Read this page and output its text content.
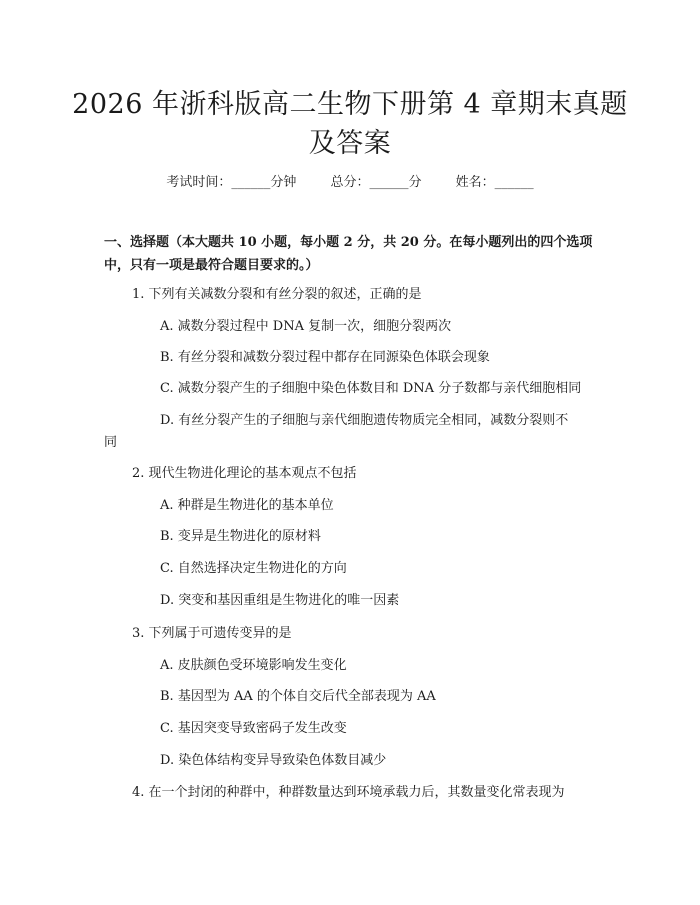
2026 年浙科版高二生物下册第 4 章期末真题
及答案
考试时间：______分钟	总分：______分	姓名：______
一、选择题（本大题共 10 小题，每小题 2 分，共 20 分。在每小题列出的四个选项中，只有一项是最符合题目要求的。）
1. 下列有关减数分裂和有丝分裂的叙述，正确的是
A. 减数分裂过程中 DNA 复制一次，细胞分裂两次
B. 有丝分裂和减数分裂过程中都存在同源染色体联会现象
C. 减数分裂产生的子细胞中染色体数目和 DNA 分子数都与亲代细胞相同
D. 有丝分裂产生的子细胞与亲代细胞遗传物质完全相同，减数分裂则不
同
2. 现代生物进化理论的基本观点不包括
A. 种群是生物进化的基本单位
B. 变异是生物进化的原材料
C. 自然选择决定生物进化的方向
D. 突变和基因重组是生物进化的唯一因素
3. 下列属于可遗传变异的是
A. 皮肤颜色受环境影响发生变化
B. 基因型为 AA 的个体自交后代全部表现为 AA
C. 基因突变导致密码子发生改变
D. 染色体结构变异导致染色体数目减少
4. 在一个封闭的种群中，种群数量达到环境承载力后，其数量变化常表现为
